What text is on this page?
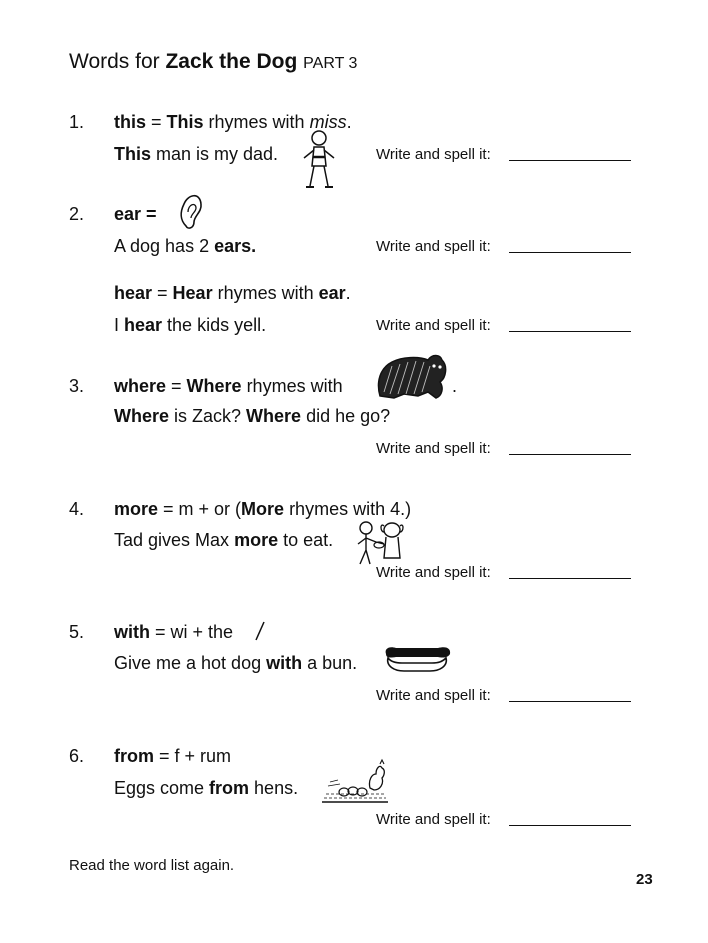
Words for Zack the Dog PART 3
1. this = This rhymes with miss.
This man is my dad.	Write and spell it:
2. ear =
A dog has 2 ears.	Write and spell it:
hear = Hear rhymes with ear.
I hear the kids yell.	Write and spell it:
3. where = Where rhymes with	.
Where is Zack? Where did he go?
Write and spell it:
4. more = m + or (More rhymes with 4.)
Tad gives Max more to eat.
Write and spell it:
5. with = wi + the
Give me a hot dog with a bun.
Write and spell it:
6. from = f + rum
Eggs come from hens.
Write and spell it:
Read the word list again.
23
